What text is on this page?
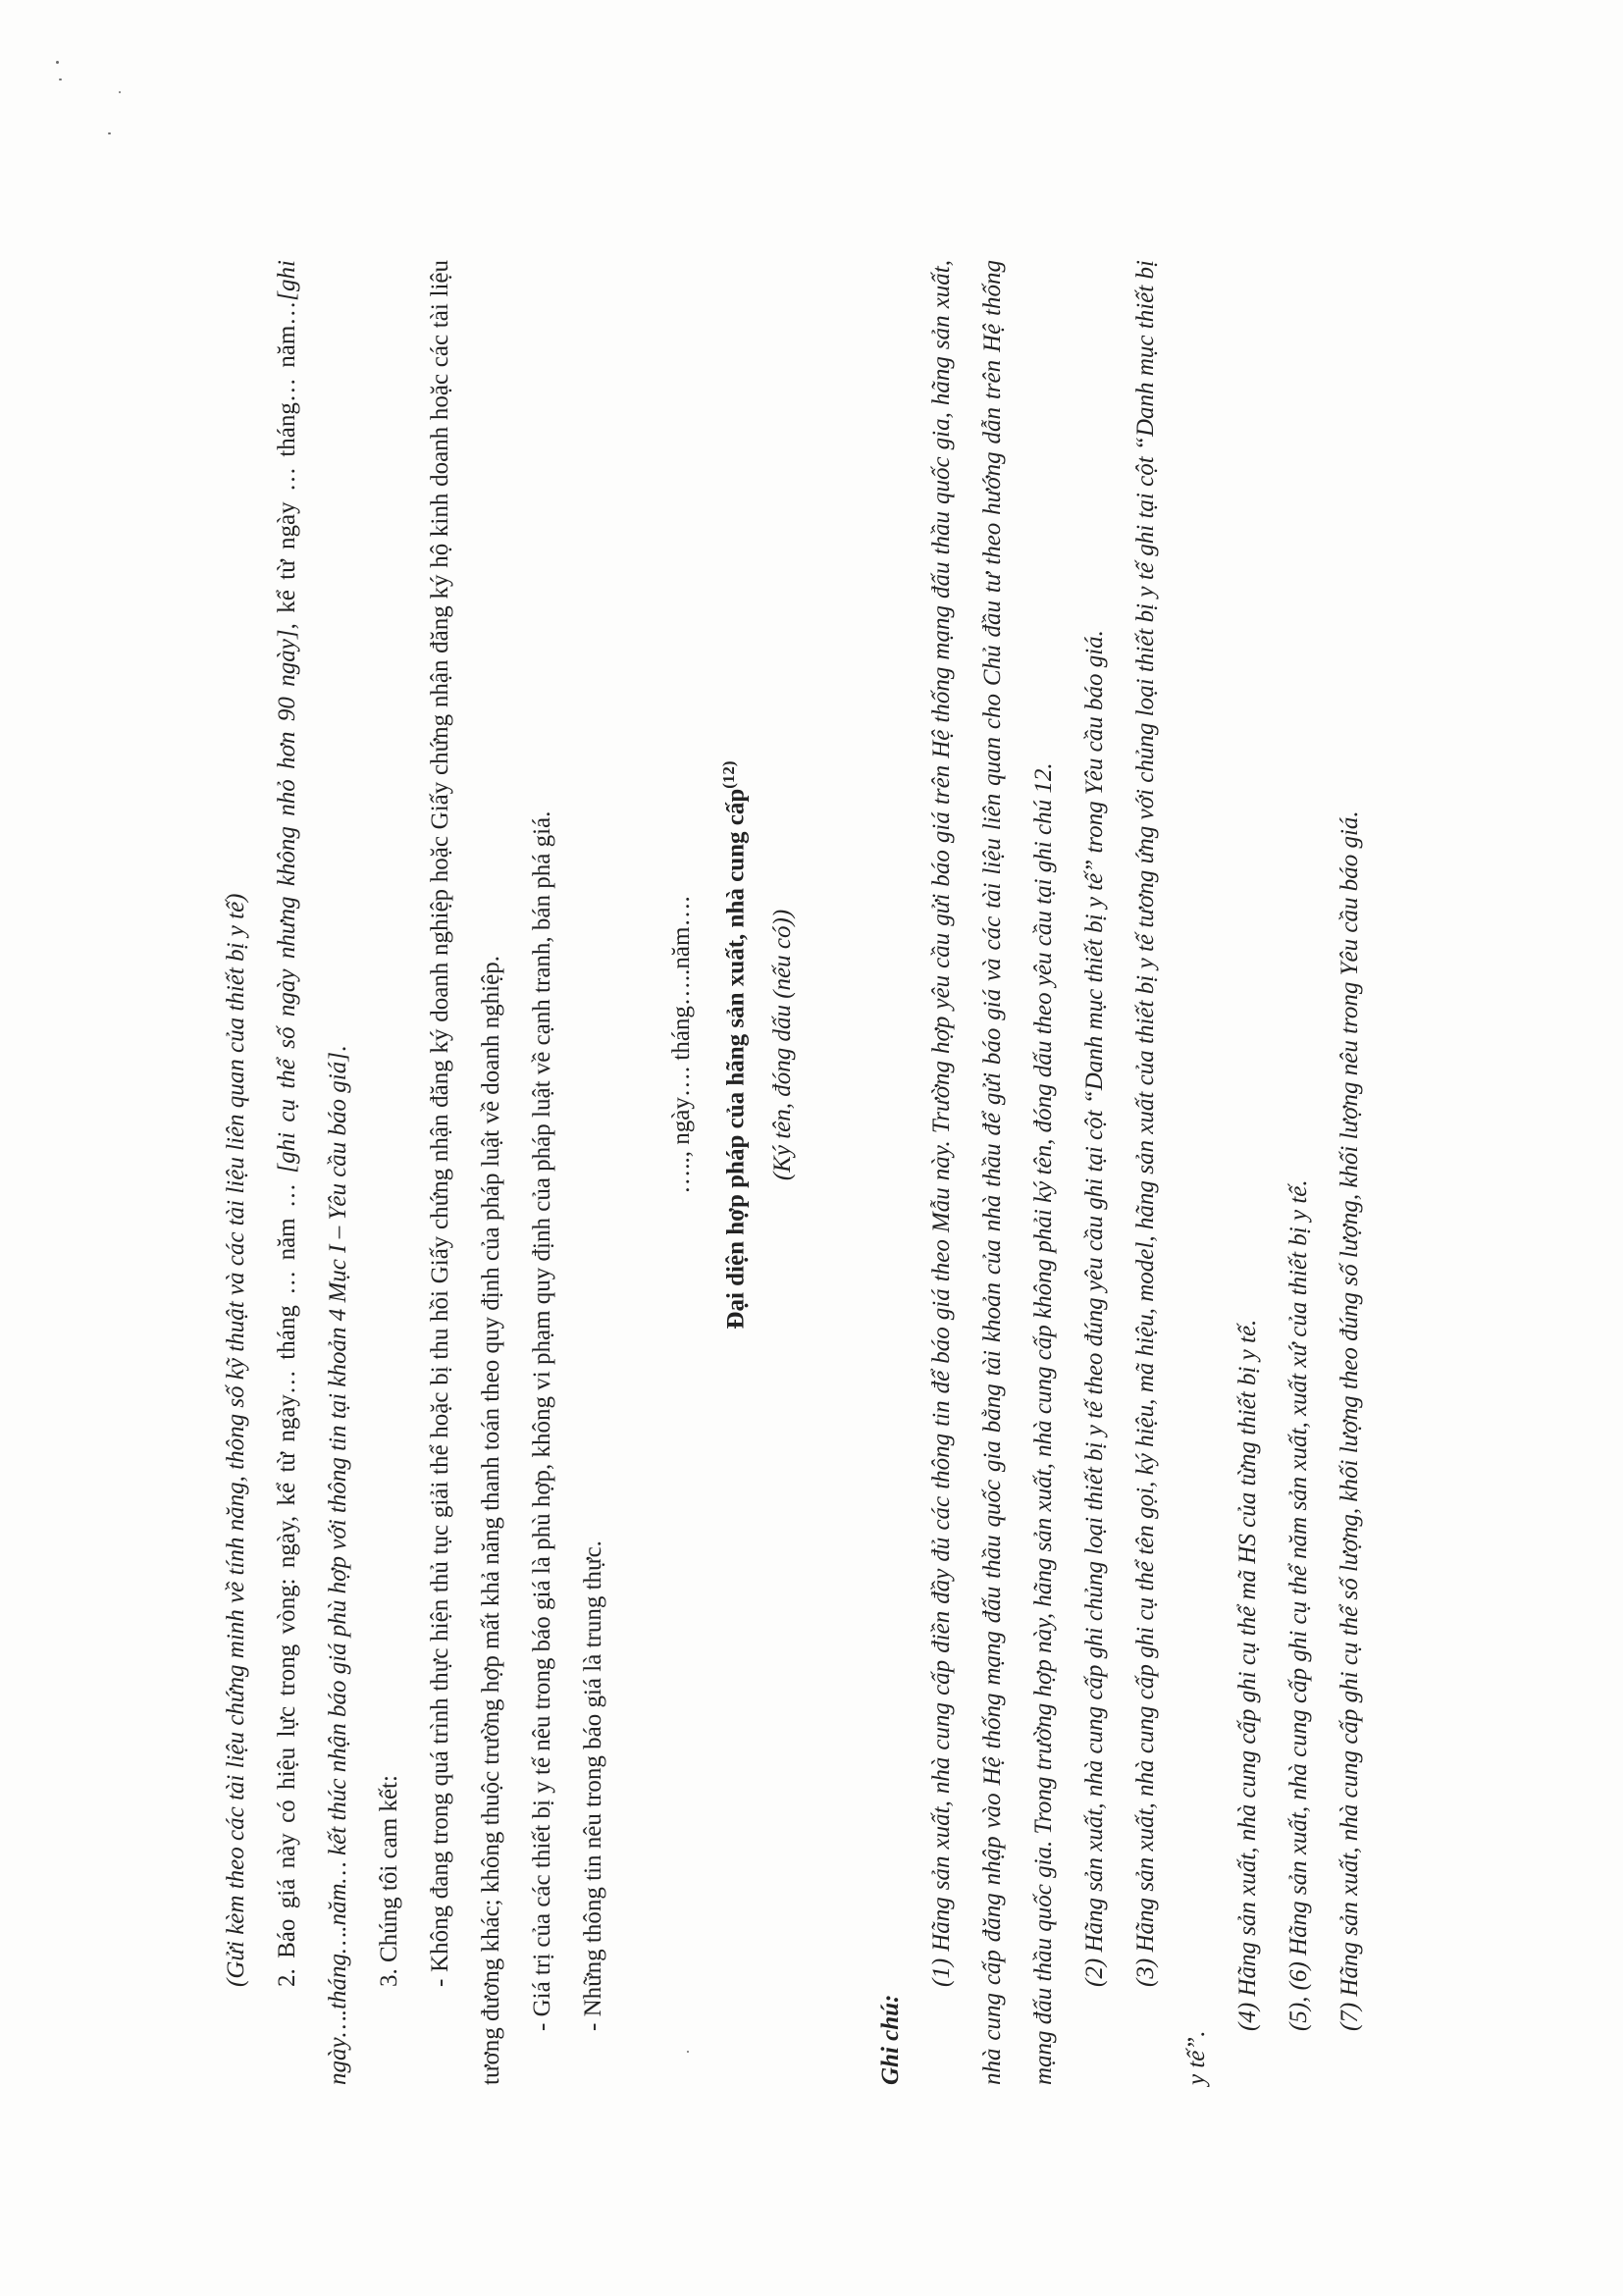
(Gửi kèm theo các tài liệu chứng minh về tính năng, thông số kỹ thuật và các tài liệu liên quan của thiết bị y tế)	2. Báo giá này có hiệu lực trong vòng: ngày, kể từ ngày… tháng … năm … [ghi cụ thể số ngày nhưng không nhỏ hơn 90 ngày], kể từ ngày … tháng… năm…[ghi ngày….tháng….năm… kết thúc nhận báo giá phù hợp với thông tin tại khoản 4 Mục I – Yêu cầu báo giá].

3. Chúng tôi cam kết:	- Không đang trong quá trình thực hiện thủ tục giải thể hoặc bị thu hồi Giấy chứng nhận đăng ký doanh nghiệp hoặc Giấy chứng nhận đăng ký hộ kinh doanh hoặc các tài liệu tương đương khác; không thuộc trường hợp mất khả năng thanh toán theo quy định của pháp luật về doanh nghiệp.	- Giá trị của các thiết bị y tế nêu trong báo giá là phù hợp, không vi phạm quy định của pháp luật về cạnh tranh, bán phá giá.	- Những thông tin nêu trong báo giá là trung thực.

….., ngày…. tháng…..năm….	Đại diện hợp pháp của hãng sản xuất, nhà cung cấp$^{(12)}$
(Ký tên, đóng dấu (nếu có))

Ghi chú:

(1) Hãng sản xuất, nhà cung cấp điền đầy đủ các thông tin để báo giá theo Mẫu này. Trường hợp yêu cầu gửi báo giá trên Hệ thống mạng đấu thầu quốc gia, hãng sản xuất, nhà cung cấp đăng nhập vào Hệ thống mạng đấu thầu quốc gia bằng tài khoản của nhà thầu để gửi báo giá và các tài liệu liên quan cho Chủ đầu tư theo hướng dẫn trên Hệ thống mạng đấu thầu quốc gia. Trong trường hợp này, hãng sản xuất, nhà cung cấp không phải ký tên, đóng dấu theo yêu cầu tại ghi chú 12.	(2) Hãng sản xuất, nhà cung cấp ghi chủng loại thiết bị y tế theo đúng yêu cầu ghi tại cột “Danh mục thiết bị y tế” trong Yêu cầu báo giá.	(3) Hãng sản xuất, nhà cung cấp ghi cụ thể tên gọi, ký hiệu, mã hiệu, model, hãng sản xuất của thiết bị y tế tương ứng với chủng loại thiết bị y tế ghi tại cột “Danh mục thiết bị y tế”.

(4) Hãng sản xuất, nhà cung cấp ghi cụ thể mã HS của từng thiết bị y tế.	(5), (6) Hãng sản xuất, nhà cung cấp ghi cụ thể năm sản xuất, xuất xứ của thiết bị y tế.	(7) Hãng sản xuất, nhà cung cấp ghi cụ thể số lượng, khối lượng theo đúng số lượng, khối lượng nêu trong Yêu cầu báo giá.
